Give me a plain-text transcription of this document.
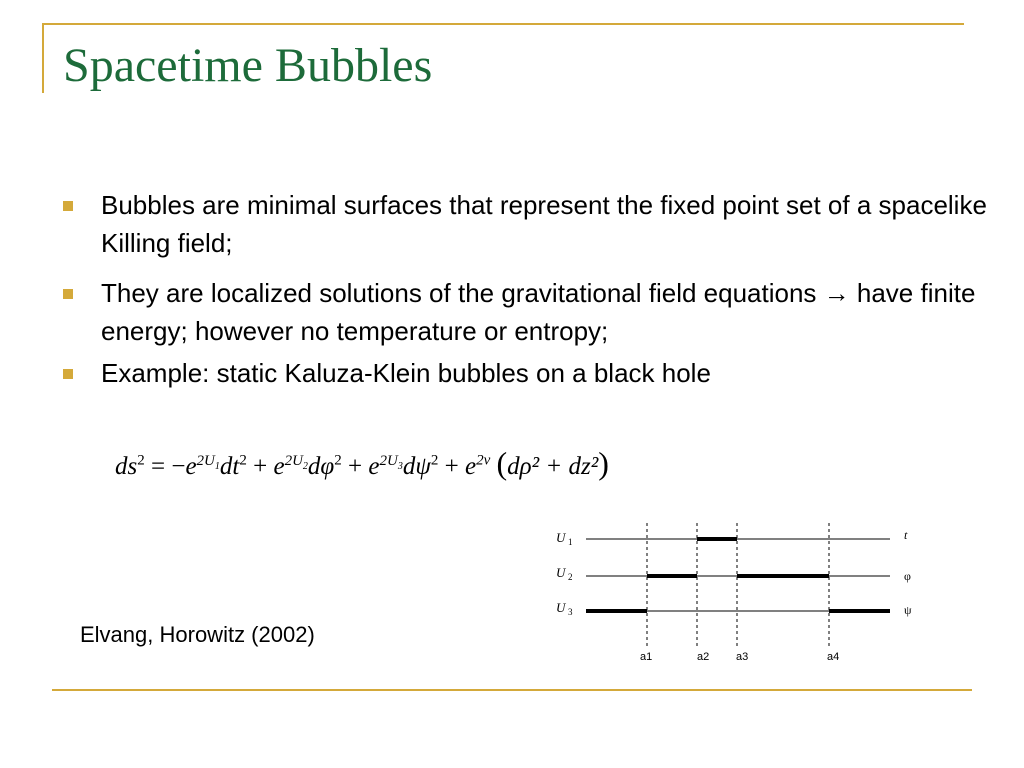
Spacetime Bubbles
Bubbles are minimal surfaces that represent the fixed point set of a spacelike Killing field;
They are localized solutions of the gravitational field equations → have finite energy; however no temperature or entropy;
Example: static Kaluza-Klein bubbles on a black hole
$ds^2 = -e^{2U_1}dt^2 + e^{2U_2}d\varphi^2 + e^{2U_3}d\psi^2 + e^{2\nu}$ (dρ² + dz²)
U 1
U 2
U 3
t
φ
ψ
a1	a2 a3	a4
Elvang, Horowitz (2002)
